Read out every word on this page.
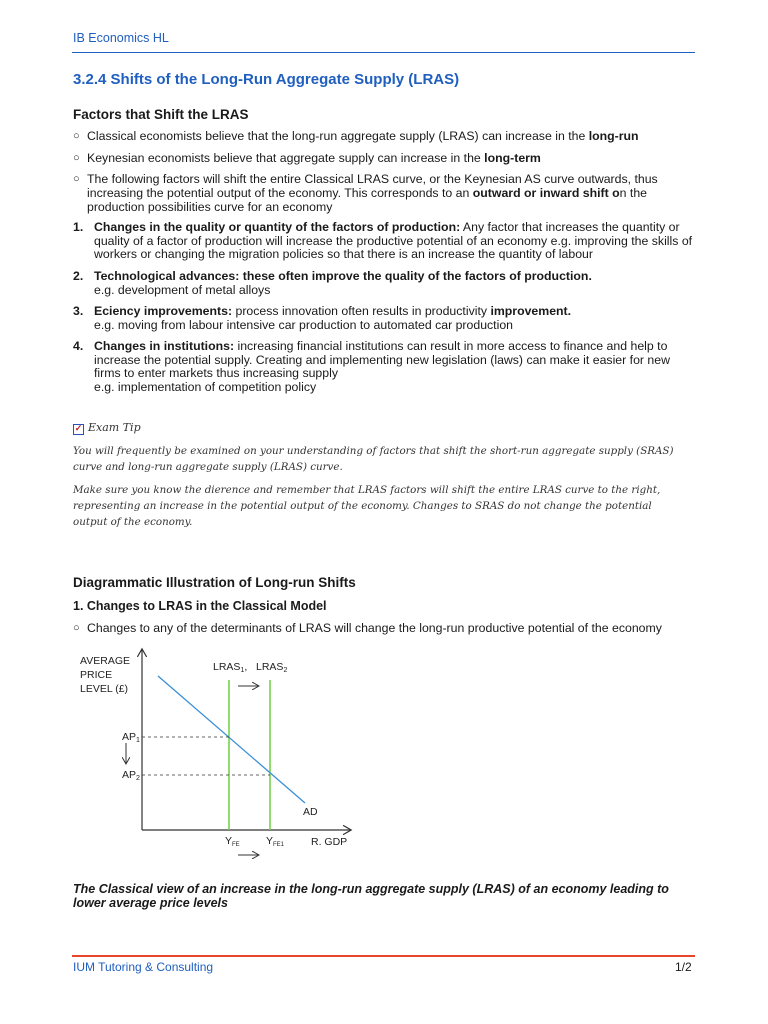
IB Economics HL
3.2.4 Shifts of the Long-Run Aggregate Supply (LRAS)
Factors that Shift the LRAS
○ Classical economists believe that the long-run aggregate supply (LRAS) can increase in the long-run
○ Keynesian economists believe that aggregate supply can increase in the long-term
○ The following factors will shift the entire Classical LRAS curve, or the Keynesian AS curve outwards, thus increasing the potential output of the economy. This corresponds to an outward or inward shift on the production possibilities curve for an economy
1. Changes in the quality or quantity of the factors of production: Any factor that increases the quantity or quality of a factor of production will increase the productive potential of an economy e.g. improving the skills of workers or changing the migration policies so that there is an increase the quantity of labour
2. Technological advances: these often improve the quality of the factors of production.
e.g. development of metal alloys
3. Eciency improvements: process innovation often results in productivity improvement.
e.g. moving from labour intensive car production to automated car production
4. Changes in institutions: increasing financial institutions can result in more access to finance and help to increase the potential supply. Creating and implementing new legislation (laws) can make it easier for new firms to enter markets thus increasing supply
e.g. implementation of competition policy
✓ Exam Tip
You will frequently be examined on your understanding of factors that shift the short-run aggregate supply (SRAS) curve and long-run aggregate supply (LRAS) curve.
Make sure you know the dierence and remember that LRAS factors will shift the entire LRAS curve to the right, representing an increase in the potential output of the economy. Changes to SRAS do not change the potential output of the economy.
Diagrammatic Illustration of Long-run Shifts
1. Changes to LRAS in the Classical Model
○ Changes to any of the determinants of LRAS will change the long-run productive potential of the economy
AVERAGE
PRICE
LEVEL (£)
LRAS1, LRAS2
AP1
AP2
AD
YFE	YFE1	R. GDP
The Classical view of an increase in the long-run aggregate supply (LRAS) of an economy leading to lower average price levels
IUM Tutoring & Consulting	1/2
